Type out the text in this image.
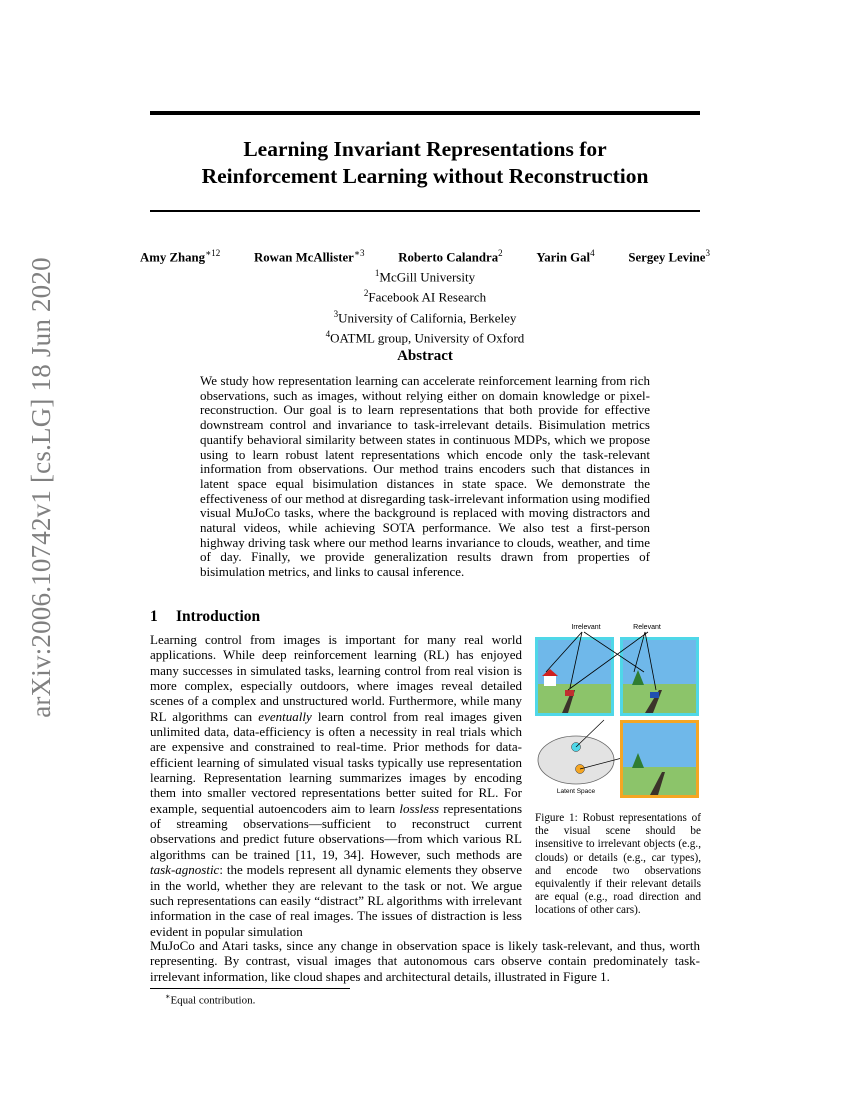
arXiv:2006.10742v1 [cs.LG] 18 Jun 2020
Learning Invariant Representations for
Reinforcement Learning without Reconstruction
Amy Zhang$^{∗12}$	Rowan McAllister$^{∗3}$	Roberto Calandra$^2$	Yarin Gal$^4$	Sergey Levine$^3$
$^1$McGill University
$^2$Facebook AI Research
$^3$University of California, Berkeley
$^4$OATML group, University of Oxford
Abstract
We study how representation learning can accelerate reinforcement learning from rich observations, such as images, without relying either on domain knowledge or pixel-reconstruction. Our goal is to learn representations that both provide for effective downstream control and invariance to task-irrelevant details. Bisimulation metrics quantify behavioral similarity between states in continuous MDPs, which we propose using to learn robust latent representations which encode only the task-relevant information from observations. Our method trains encoders such that distances in latent space equal bisimulation distances in state space. We demonstrate the effectiveness of our method at disregarding task-irrelevant information using modified visual MuJoCo tasks, where the background is replaced with moving distractors and natural videos, while achieving SOTA performance. We also test a first-person highway driving task where our method learns invariance to clouds, weather, and time of day. Finally, we provide generalization results drawn from properties of bisimulation metrics, and links to causal inference.
1 Introduction
Learning control from images is important for many real world applications. While deep reinforcement learning (RL) has enjoyed many successes in simulated tasks, learning control from real vision is more complex, especially outdoors, where images reveal detailed scenes of a complex and unstructured world. Furthermore, while many RL algorithms can eventually learn control from real images given unlimited data, data-efficiency is often a necessity in real trials which are expensive and constrained to real-time. Prior methods for data-efficient learning of simulated visual tasks typically use representation learning. Representation learning summarizes images by encoding them into smaller vectored representations better suited for RL. For example, sequential autoencoders aim to learn lossless representations of streaming observations—sufficient to reconstruct current observations and predict future observations—from which various RL algorithms can be trained [11, 19, 34]. However, such methods are task-agnostic: the models represent all dynamic elements they observe in the world, whether they are relevant to the task or not. We argue such representations can easily “distract” RL algorithms with irrelevant information in the case of real images. The issues of distraction is less evident in popular simulation
MuJoCo and Atari tasks, since any change in observation space is likely task-relevant, and thus, worth representing. By contrast, visual images that autonomous cars observe contain predominately task-irrelevant information, like cloud shapes and architectural details, illustrated in Figure 1.
Irrelevant	Relevant
Latent Space
Figure 1: Robust representations of the visual scene should be insensitive to irrelevant objects (e.g., clouds) or details (e.g., car types), and encode two observations equivalently if their relevant details are equal (e.g., road direction and locations of other cars).
∗Equal contribution.
